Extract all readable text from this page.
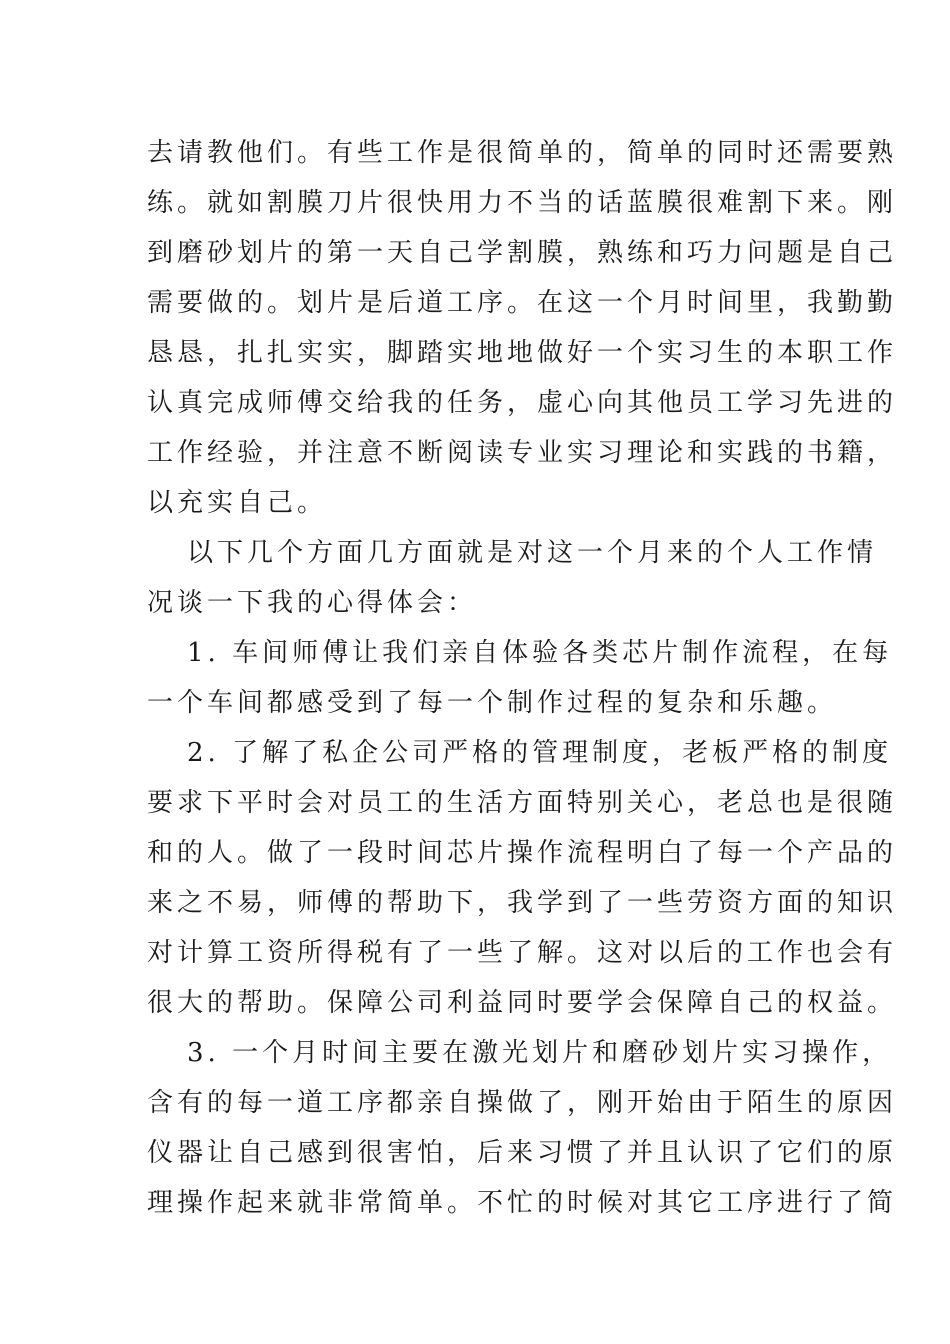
去请教他们。有些工作是很简单的，简单的同时还需要熟
练。就如割膜刀片很快用力不当的话蓝膜很难割下来。刚
到磨砂划片的第一天自己学割膜，熟练和巧力问题是自己
需要做的。划片是后道工序。在这一个月时间里，我勤勤
恳恳，扎扎实实，脚踏实地地做好一个实习生的本职工作
认真完成师傅交给我的任务，虚心向其他员工学习先进的
工作经验，并注意不断阅读专业实习理论和实践的书籍，
以充实自己。
以下几个方面几方面就是对这一个月来的个人工作情
况谈一下我的心得体会：
1. 车间师傅让我们亲自体验各类芯片制作流程，在每
一个车间都感受到了每一个制作过程的复杂和乐趣。
2. 了解了私企公司严格的管理制度，老板严格的制度
要求下平时会对员工的生活方面特别关心，老总也是很随
和的人。做了一段时间芯片操作流程明白了每一个产品的
来之不易，师傅的帮助下，我学到了一些劳资方面的知识
对计算工资所得税有了一些了解。这对以后的工作也会有
很大的帮助。保障公司利益同时要学会保障自己的权益。
3. 一个月时间主要在激光划片和磨砂划片实习操作，
含有的每一道工序都亲自操做了，刚开始由于陌生的原因
仪器让自己感到很害怕，后来习惯了并且认识了它们的原
理操作起来就非常简单。不忙的时候对其它工序进行了简
